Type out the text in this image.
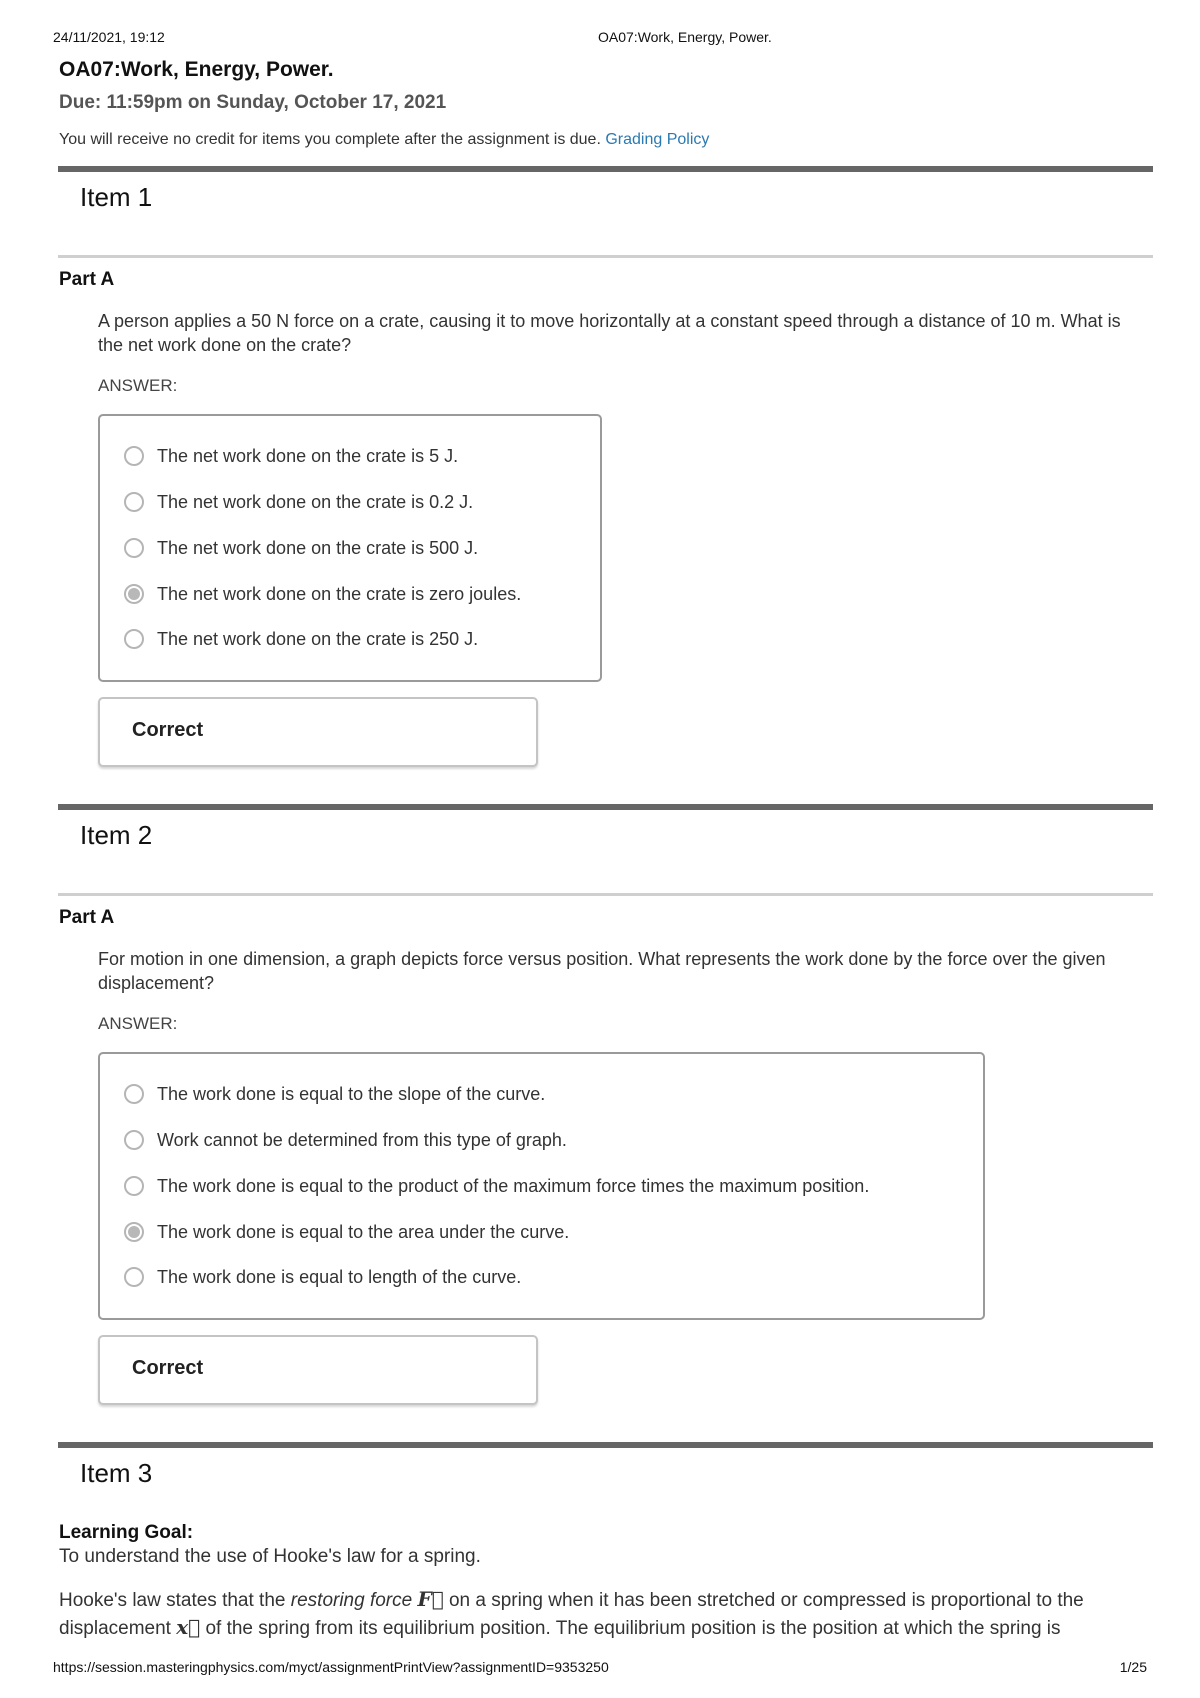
24/11/2021, 19:12	OA07:Work, Energy, Power.
OA07:Work, Energy, Power.
Due: 11:59pm on Sunday, October 17, 2021
You will receive no credit for items you complete after the assignment is due. Grading Policy
Item 1
Part A
A person applies a 50 N force on a crate, causing it to move horizontally at a constant speed through a distance of 10 m. What is the net work done on the crate?
ANSWER:
The net work done on the crate is 5 J.
The net work done on the crate is 0.2 J.
The net work done on the crate is 500 J.
The net work done on the crate is zero joules.
The net work done on the crate is 250 J.
Correct
Item 2
Part A
For motion in one dimension, a graph depicts force versus position. What represents the work done by the force over the given displacement?
ANSWER:
The work done is equal to the slope of the curve.
Work cannot be determined from this type of graph.
The work done is equal to the product of the maximum force times the maximum position.
The work done is equal to the area under the curve.
The work done is equal to length of the curve.
Correct
Item 3
Learning Goal:
To understand the use of Hooke's law for a spring.
Hooke's law states that the restoring force F⃗ on a spring when it has been stretched or compressed is proportional to the displacement x⃗ of the spring from its equilibrium position. The equilibrium position is the position at which the spring is
https://session.masteringphysics.com/myct/assignmentPrintView?assignmentID=9353250	1/25
